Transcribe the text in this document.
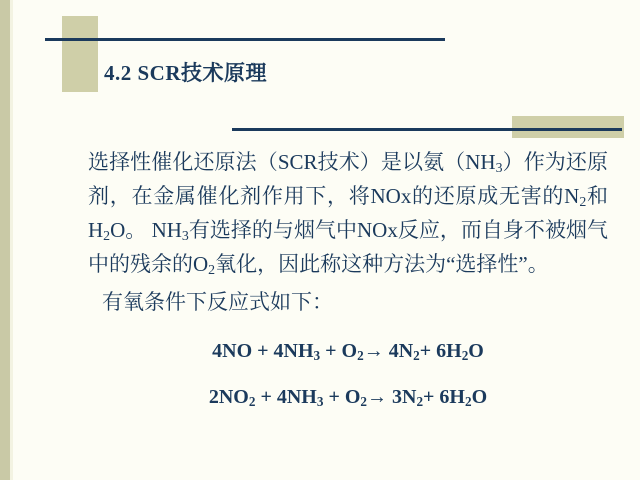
4.2 SCR技术原理

选择性催化还原法（SCR技术）是以氨$(NH_3)$作为还原剂，在金属催化剂作用下，将NOx的还原成无害的$N_2$和$H_2O$。 $NH_3$有选择的与烟气中NOx反应，而自身不被烟气中的残余的$O_2$氧化，因此称这种方法为“选择性”。

有氧条件下反应式如下：

$4NO + 4NH_3 + O_2\to 4N_2+ 6H_2O$

$2NO_2 + 4NH_3 + O_2\to 3N_2+ 6H_2O$
